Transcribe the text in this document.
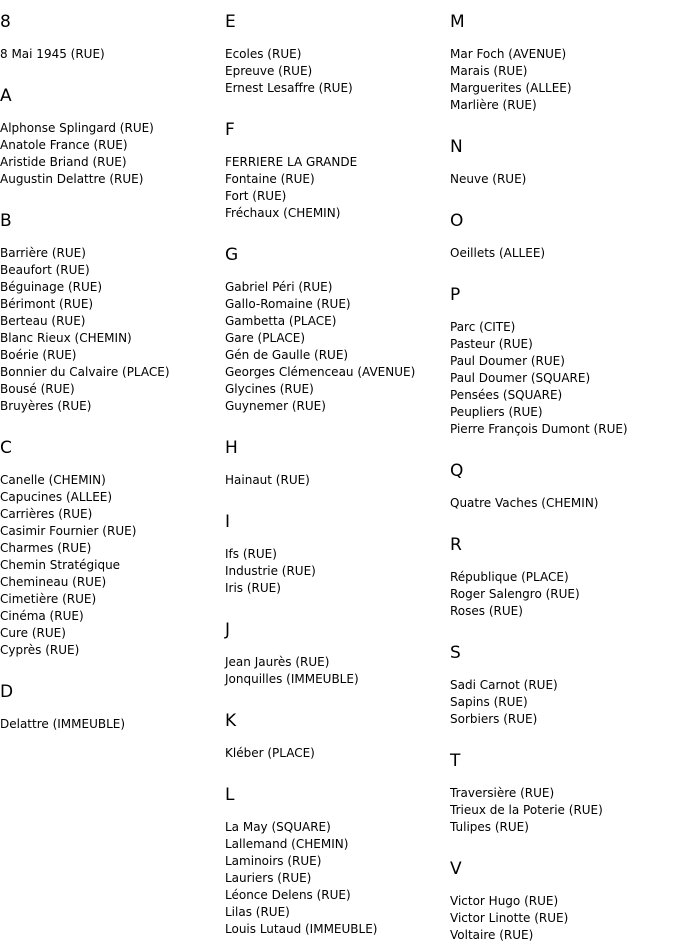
8
8 Mai 1945 (RUE)
A
Alphonse Splingard (RUE)
Anatole France (RUE)
Aristide Briand (RUE)
Augustin Delattre (RUE)
B
Barrière (RUE)
Beaufort (RUE)
Béguinage (RUE)
Bérimont (RUE)
Berteau (RUE)
Blanc Rieux (CHEMIN)
Boérie (RUE)
Bonnier du Calvaire (PLACE)
Bousé (RUE)
Bruyères (RUE)
C
Canelle (CHEMIN)
Capucines (ALLEE)
Carrières (RUE)
Casimir Fournier (RUE)
Charmes (RUE)
Chemin Stratégique
Chemineau (RUE)
Cimetière (RUE)
Cinéma (RUE)
Cure (RUE)
Cyprès (RUE)
D
Delattre (IMMEUBLE)
E
Ecoles (RUE)
Epreuve (RUE)
Ernest Lesaffre (RUE)
F
FERRIERE LA GRANDE
Fontaine (RUE)
Fort (RUE)
Fréchaux (CHEMIN)
G
Gabriel Péri (RUE)
Gallo-Romaine (RUE)
Gambetta (PLACE)
Gare (PLACE)
Gén de Gaulle (RUE)
Georges Clémenceau (AVENUE)
Glycines (RUE)
Guynemer (RUE)
H
Hainaut (RUE)
I
Ifs (RUE)
Industrie (RUE)
Iris (RUE)
J
Jean Jaurès (RUE)
Jonquilles (IMMEUBLE)
K
Kléber (PLACE)
L
La May (SQUARE)
Lallemand (CHEMIN)
Laminoirs (RUE)
Lauriers (RUE)
Léonce Delens (RUE)
Lilas (RUE)
Louis Lutaud (IMMEUBLE)
M
Mar Foch (AVENUE)
Marais (RUE)
Marguerites (ALLEE)
Marlière (RUE)
N
Neuve (RUE)
O
Oeillets (ALLEE)
P
Parc (CITE)
Pasteur (RUE)
Paul Doumer (RUE)
Paul Doumer (SQUARE)
Pensées (SQUARE)
Peupliers (RUE)
Pierre François Dumont (RUE)
Q
Quatre Vaches (CHEMIN)
R
République (PLACE)
Roger Salengro (RUE)
Roses (RUE)
S
Sadi Carnot (RUE)
Sapins (RUE)
Sorbiers (RUE)
T
Traversière (RUE)
Trieux de la Poterie (RUE)
Tulipes (RUE)
V
Victor Hugo (RUE)
Victor Linotte (RUE)
Voltaire (RUE)
